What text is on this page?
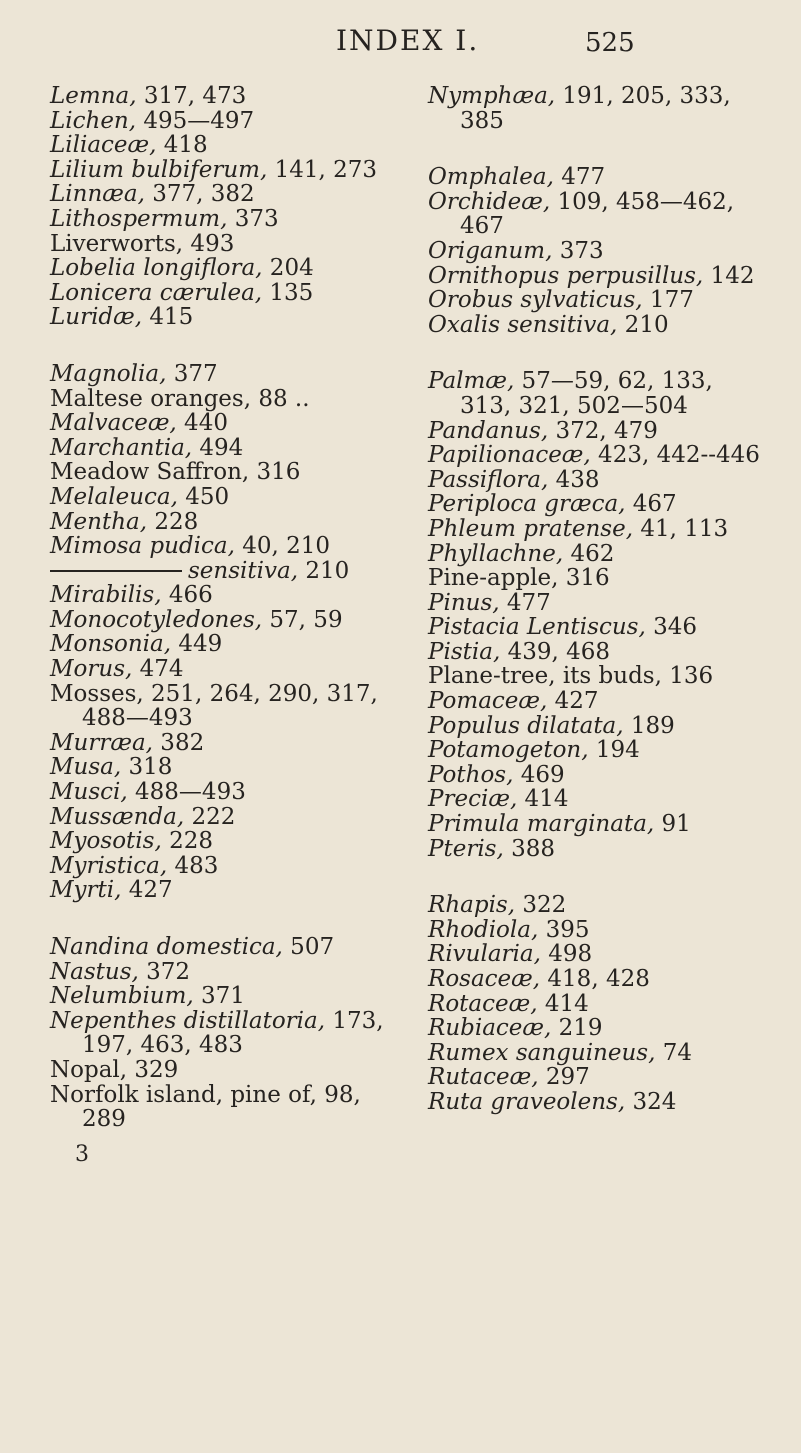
INDEX I.	525
Lemna, 317, 473
Lichen, 495—497
Liliaceæ, 418
Lilium bulbiferum, 141, 273
Linnæa, 377, 382
Lithospermum, 373
Liverworts, 493
Lobelia longiflora, 204
Lonicera cærulea, 135
Luridæ, 415
Magnolia, 377
Maltese oranges, 88 ..
Malvaceæ, 440
Marchantia, 494
Meadow Saffron, 316
Melaleuca, 450
Mentha, 228
Mimosa pudica, 40, 210
sensitiva, 210
Mirabilis, 466
Monocotyledones, 57, 59
Monsonia, 449
Morus, 474
Mosses, 251, 264, 290, 317,
488—493
Murræa, 382
Musa, 318
Musci, 488—493
Mussænda, 222
Myosotis, 228
Myristica, 483
Myrti, 427
Nandina domestica, 507
Nastus, 372
Nelumbium, 371
Nepenthes distillatoria, 173,
197, 463, 483
Nopal, 329
Norfolk island, pine of, 98,
289
Nymphæa, 191, 205, 333,
385
Omphalea, 477
Orchideæ, 109, 458—462,
467
Origanum, 373
Ornithopus perpusillus, 142
Orobus sylvaticus, 177
Oxalis sensitiva, 210
Palmæ, 57—59, 62, 133,
313, 321, 502—504
Pandanus, 372, 479
Papilionaceæ, 423, 442--446
Passiflora, 438
Periploca græca, 467
Phleum pratense, 41, 113
Phyllachne, 462
Pine-apple, 316
Pinus, 477
Pistacia Lentiscus, 346
Pistia, 439, 468
Plane-tree, its buds, 136
Pomaceæ, 427
Populus dilatata, 189
Potamogeton, 194
Pothos, 469
Preciæ, 414
Primula marginata, 91
Pteris, 388
Rhapis, 322
Rhodiola, 395
Rivularia, 498
Rosaceæ, 418, 428
Rotaceæ, 414
Rubiaceæ, 219
Rumex sanguineus, 74
Rutaceæ, 297
Ruta graveolens, 324
3
